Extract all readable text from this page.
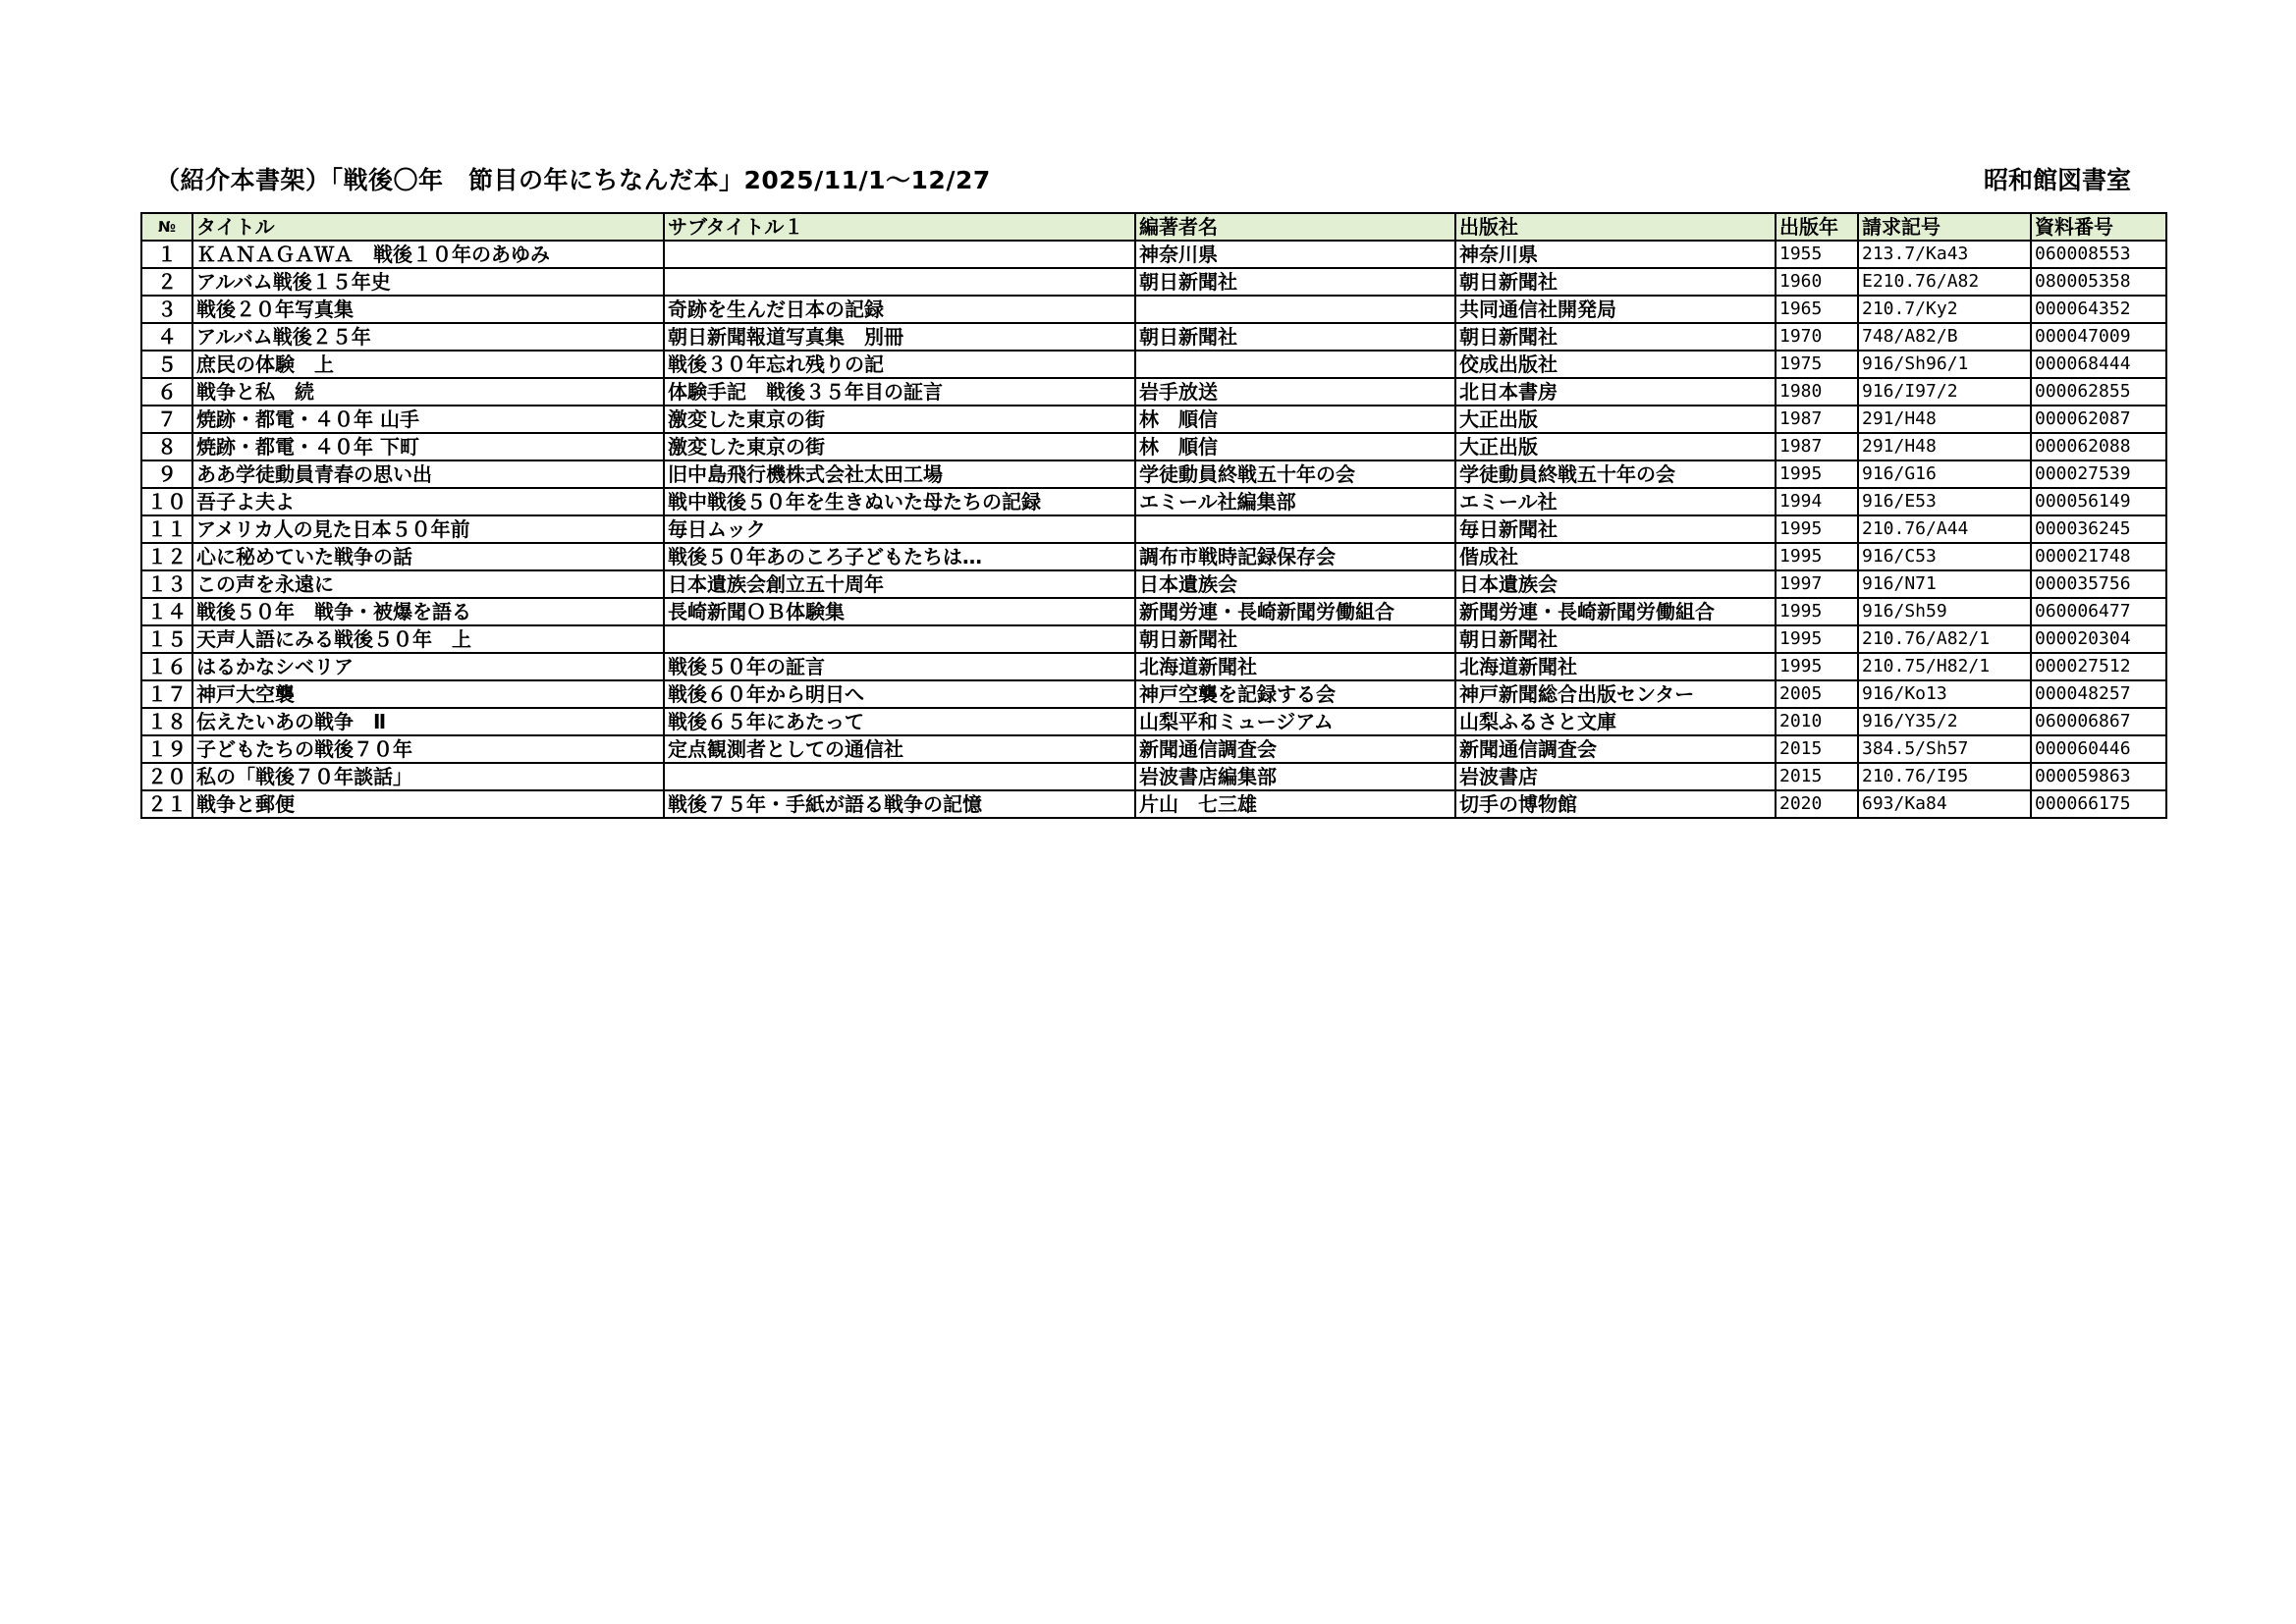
（紹介本書架）「戦後〇年　節目の年にちなんだ本」2025/11/1～12/27	昭和館図書室
№	タイトル	サブタイトル１	編著者名	出版社	出版年	請求記号	資料番号
１	ＫＡＮＡＧＡＷＡ　戦後１０年のあゆみ		神奈川県	神奈川県	1955	213.7/Ka43	060008553
２	アルバム戦後１５年史		朝日新聞社	朝日新聞社	1960	E210.76/A82	080005358
３	戦後２０年写真集	奇跡を生んだ日本の記録		共同通信社開発局	1965	210.7/Ky2	000064352
４	アルバム戦後２５年	朝日新聞報道写真集　別冊	朝日新聞社	朝日新聞社	1970	748/A82/B	000047009
５	庶民の体験　上	戦後３０年忘れ残りの記		佼成出版社	1975	916/Sh96/1	000068444
６	戦争と私　続	体験手記　戦後３５年目の証言	岩手放送	北日本書房	1980	916/I97/2	000062855
７	焼跡・都電・４０年 山手	激変した東京の街	林　順信	大正出版	1987	291/H48	000062087
８	焼跡・都電・４０年 下町	激変した東京の街	林　順信	大正出版	1987	291/H48	000062088
９	ああ学徒動員青春の思い出	旧中島飛行機株式会社太田工場	学徒動員終戦五十年の会	学徒動員終戦五十年の会	1995	916/G16	000027539
１０	吾子よ夫よ	戦中戦後５０年を生きぬいた母たちの記録	エミール社編集部	エミール社	1994	916/E53	000056149
１１	アメリカ人の見た日本５０年前	毎日ムック		毎日新聞社	1995	210.76/A44	000036245
１２	心に秘めていた戦争の話	戦後５０年あのころ子どもたちは…	調布市戦時記録保存会	偕成社	1995	916/C53	000021748
１３	この声を永遠に	日本遺族会創立五十周年	日本遺族会	日本遺族会	1997	916/N71	000035756
１４	戦後５０年　戦争・被爆を語る	長崎新聞ＯＢ体験集	新聞労連・長崎新聞労働組合	新聞労連・長崎新聞労働組合	1995	916/Sh59	060006477
１５	天声人語にみる戦後５０年　上		朝日新聞社	朝日新聞社	1995	210.76/A82/1	000020304
１６	はるかなシベリア	戦後５０年の証言	北海道新聞社	北海道新聞社	1995	210.75/H82/1	000027512
１７	神戸大空襲	戦後６０年から明日へ	神戸空襲を記録する会	神戸新聞総合出版センター	2005	916/Ko13	000048257
１８	伝えたいあの戦争　Ⅱ	戦後６５年にあたって	山梨平和ミュージアム	山梨ふるさと文庫	2010	916/Y35/2	060006867
１９	子どもたちの戦後７０年	定点観測者としての通信社	新聞通信調査会	新聞通信調査会	2015	384.5/Sh57	000060446
２０	私の「戦後７０年談話」		岩波書店編集部	岩波書店	2015	210.76/I95	000059863
２１	戦争と郵便	戦後７５年・手紙が語る戦争の記憶	片山　七三雄	切手の博物館	2020	693/Ka84	000066175
